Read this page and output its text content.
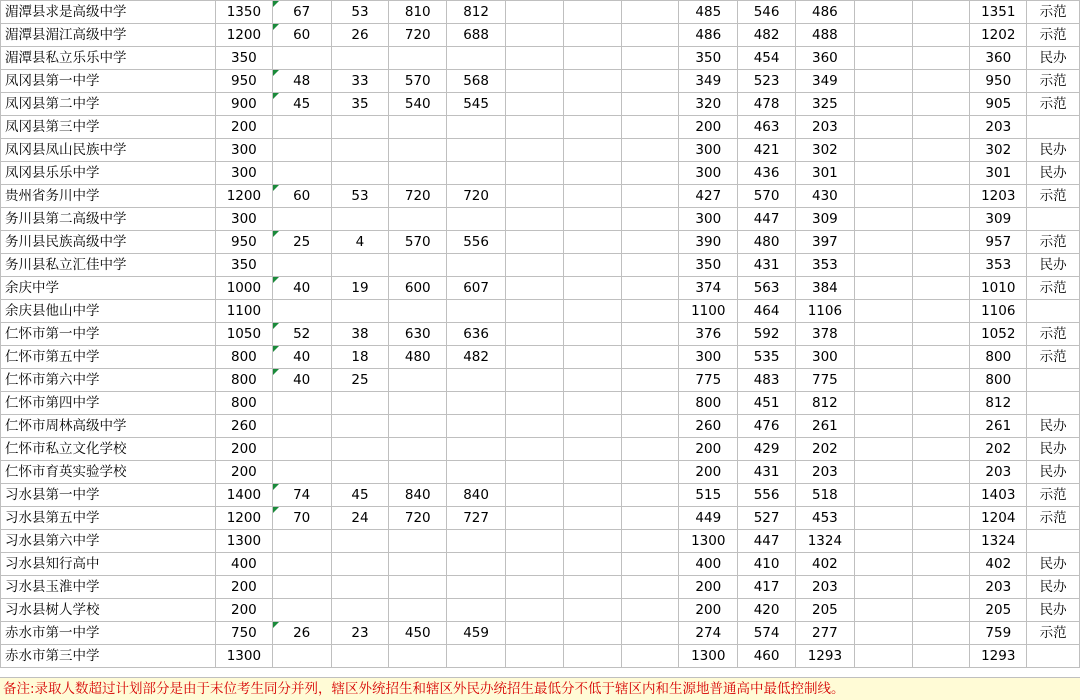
湄潭县求是高级中学	1350	67	53	810	812				485	546	486			1351	示范
湄潭县湄江高级中学	1200	60	26	720	688				486	482	488			1202	示范
湄潭县私立乐乐中学	350								350	454	360			360	民办
凤冈县第一中学	950	48	33	570	568				349	523	349			950	示范
凤冈县第二中学	900	45	35	540	545				320	478	325			905	示范
凤冈县第三中学	200								200	463	203			203	
凤冈县凤山民族中学	300								300	421	302			302	民办
凤冈县乐乐中学	300								300	436	301			301	民办
贵州省务川中学	1200	60	53	720	720				427	570	430			1203	示范
务川县第二高级中学	300								300	447	309			309	
务川县民族高级中学	950	25	4	570	556				390	480	397			957	示范
务川县私立汇佳中学	350								350	431	353			353	民办
余庆中学	1000	40	19	600	607				374	563	384			1010	示范
余庆县他山中学	1100								1100	464	1106			1106	
仁怀市第一中学	1050	52	38	630	636				376	592	378			1052	示范
仁怀市第五中学	800	40	18	480	482				300	535	300			800	示范
仁怀市第六中学	800	40	25						775	483	775			800	
仁怀市第四中学	800								800	451	812			812	
仁怀市周林高级中学	260								260	476	261			261	民办
仁怀市私立文化学校	200								200	429	202			202	民办
仁怀市育英实验学校	200								200	431	203			203	民办
习水县第一中学	1400	74	45	840	840				515	556	518			1403	示范
习水县第五中学	1200	70	24	720	727				449	527	453			1204	示范
习水县第六中学	1300								1300	447	1324			1324	
习水县知行高中	400								400	410	402			402	民办
习水县玉淮中学	200								200	417	203			203	民办
习水县树人学校	200								200	420	205			205	民办
赤水市第一中学	750	26	23	450	459				274	574	277			759	示范
赤水市第三中学	1300								1300	460	1293			1293	
备注:录取人数超过计划部分是由于末位考生同分并列，辖区外统招生和辖区外民办统招生最低分不低于辖区内和生源地普通高中最低控制线。
